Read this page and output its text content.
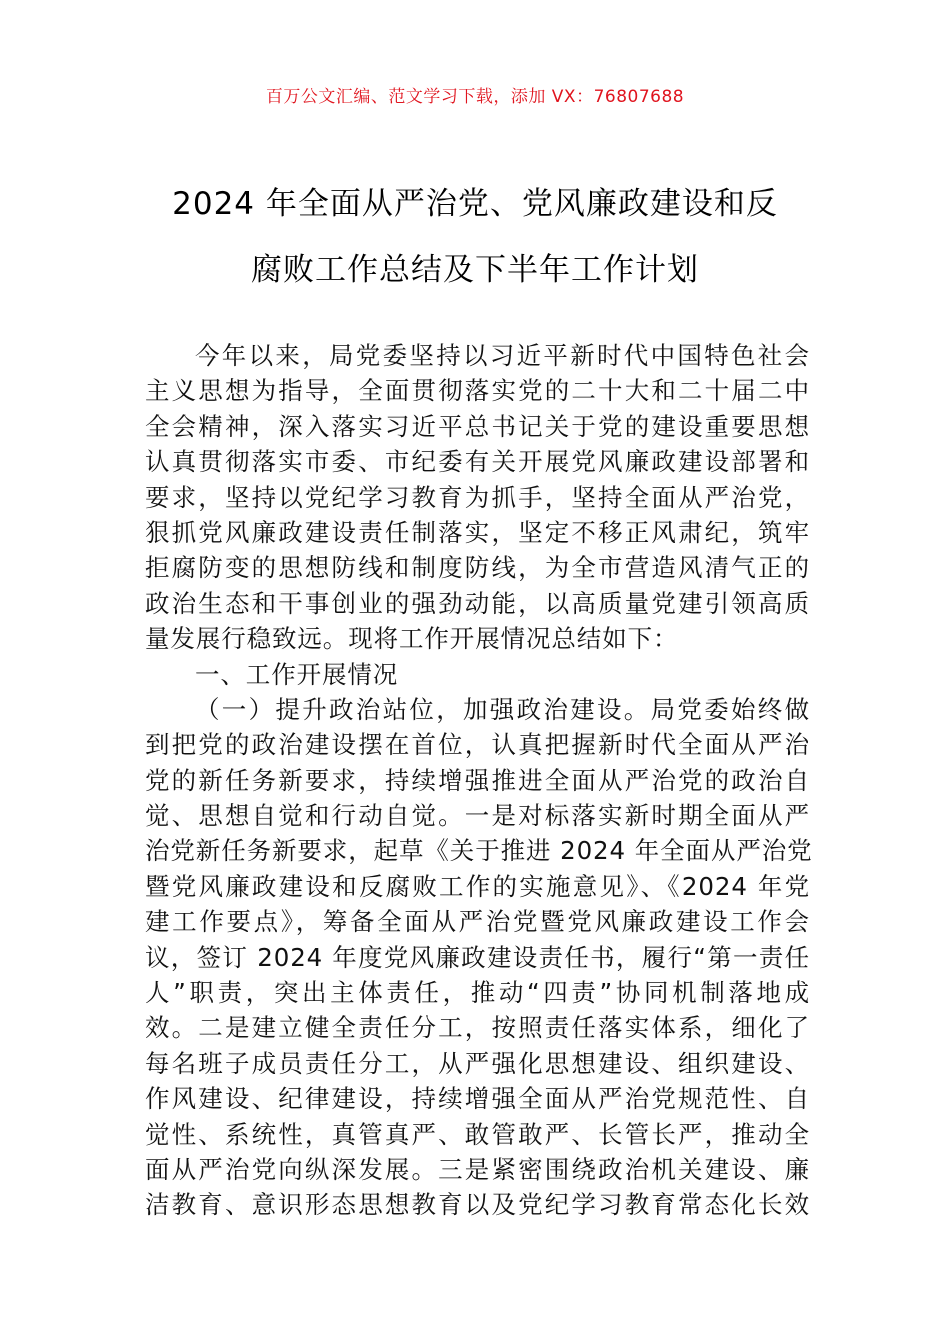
百万公文汇编、范文学习下载，添加 VX：76807688
2024 年全面从严治党、党风廉政建设和反
腐败工作总结及下半年工作计划
今年以来，局党委坚持以习近平新时代中国特色社会
主义思想为指导，全面贯彻落实党的二十大和二十届二中
全会精神，深入落实习近平总书记关于党的建设重要思想
认真贯彻落实市委、市纪委有关开展党风廉政建设部署和
要求，坚持以党纪学习教育为抓手，坚持全面从严治党，
狠抓党风廉政建设责任制落实，坚定不移正风肃纪，筑牢
拒腐防变的思想防线和制度防线，为全市营造风清气正的
政治生态和干事创业的强劲动能，以高质量党建引领高质
量发展行稳致远。现将工作开展情况总结如下：
一、工作开展情况
（一）提升政治站位，加强政治建设。局党委始终做
到把党的政治建设摆在首位，认真把握新时代全面从严治
党的新任务新要求，持续增强推进全面从严治党的政治自
觉、思想自觉和行动自觉。一是对标落实新时期全面从严
治党新任务新要求，起草《关于推进 2024 年全面从严治党
暨党风廉政建设和反腐败工作的实施意见》、《2024 年党
建工作要点》，筹备全面从严治党暨党风廉政建设工作会
议，签订 2024 年度党风廉政建设责任书，履行“第一责任
人”职责，突出主体责任，推动“四责”协同机制落地成
效。二是建立健全责任分工，按照责任落实体系，细化了
每名班子成员责任分工，从严强化思想建设、组织建设、
作风建设、纪律建设，持续增强全面从严治党规范性、自
觉性、系统性，真管真严、敢管敢严、长管长严，推动全
面从严治党向纵深发展。三是紧密围绕政治机关建设、廉
洁教育、意识形态思想教育以及党纪学习教育常态化长效
